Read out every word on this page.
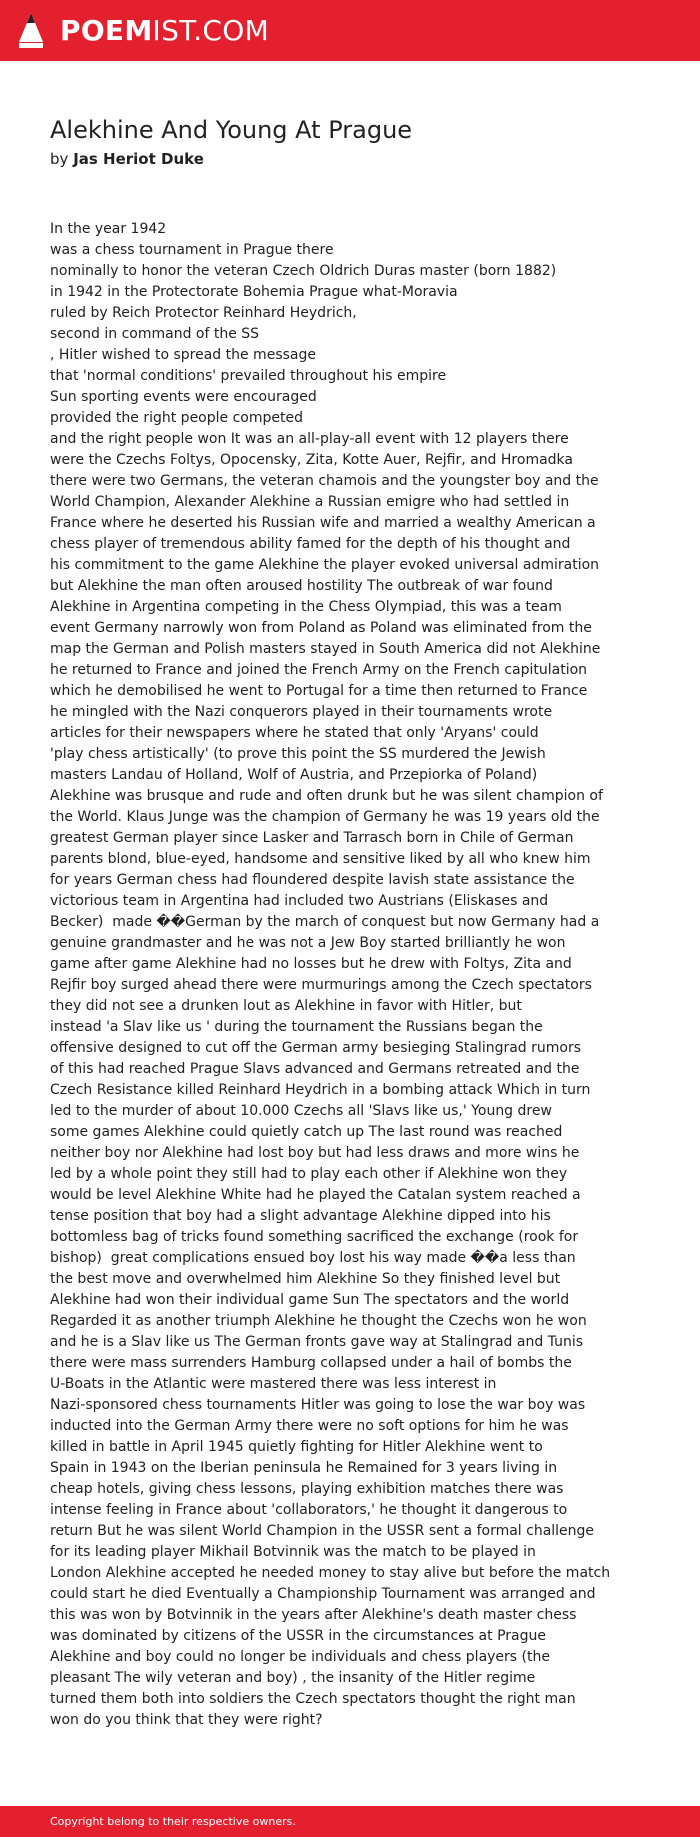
POEMIST.COM
Alekhine And Young At Prague
by Jas Heriot Duke
In the year 1942
was a chess tournament in Prague there
nominally to honor the veteran Czech Oldrich Duras master (born 1882)
in 1942 in the Protectorate Bohemia Prague what-Moravia
ruled by Reich Protector Reinhard Heydrich,
second in command of the SS
, Hitler wished to spread the message
that 'normal conditions' prevailed throughout his empire
Sun sporting events were encouraged
provided the right people competed
and the right people won It was an all-play-all event with 12 players there
were the Czechs Foltys, Opocensky, Zita, Kotte Auer, Rejfir, and Hromadka
there were two Germans, the veteran chamois and the youngster boy and the
World Champion, Alexander Alekhine a Russian emigre who had settled in
France where he deserted his Russian wife and married a wealthy American a
chess player of tremendous ability famed for the depth of his thought and
his commitment to the game Alekhine the player evoked universal admiration
but Alekhine the man often aroused hostility The outbreak of war found
Alekhine in Argentina competing in the Chess Olympiad, this was a team
event Germany narrowly won from Poland as Poland was eliminated from the
map the German and Polish masters stayed in South America did not Alekhine
he returned to France and joined the French Army on the French capitulation
which he demobilised he went to Portugal for a time then returned to France
he mingled with the Nazi conquerors played in their tournaments wrote
articles for their newspapers where he stated that only 'Aryans' could
'play chess artistically' (to prove this point the SS murdered the Jewish
masters Landau of Holland, Wolf of Austria, and Przepiorka of Poland)
Alekhine was brusque and rude and often drunk but he was silent champion of
the World. Klaus Junge was the champion of Germany he was 19 years old the
greatest German player since Lasker and Tarrasch born in Chile of German
parents blond, blue-eyed, handsome and sensitive liked by all who knew him
for years German chess had floundered despite lavish state assistance the
victorious team in Argentina had included two Austrians (Eliskases and
Becker)  made ��German by the march of conquest but now Germany had a
genuine grandmaster and he was not a Jew Boy started brilliantly he won
game after game Alekhine had no losses but he drew with Foltys, Zita and
Rejfir boy surged ahead there were murmurings among the Czech spectators
they did not see a drunken lout as Alekhine in favor with Hitler, but
instead 'a Slav like us ' during the tournament the Russians began the
offensive designed to cut off the German army besieging Stalingrad rumors
of this had reached Prague Slavs advanced and Germans retreated and the
Czech Resistance killed Reinhard Heydrich in a bombing attack Which in turn
led to the murder of about 10.000 Czechs all 'Slavs like us,' Young drew
some games Alekhine could quietly catch up The last round was reached
neither boy nor Alekhine had lost boy but had less draws and more wins he
led by a whole point they still had to play each other if Alekhine won they
would be level Alekhine White had he played the Catalan system reached a
tense position that boy had a slight advantage Alekhine dipped into his
bottomless bag of tricks found something sacrificed the exchange (rook for
bishop)  great complications ensued boy lost his way made ��a less than
the best move and overwhelmed him Alekhine So they finished level but
Alekhine had won their individual game Sun The spectators and the world
Regarded it as another triumph Alekhine he thought the Czechs won he won
and he is a Slav like us The German fronts gave way at Stalingrad and Tunis
there were mass surrenders Hamburg collapsed under a hail of bombs the
U-Boats in the Atlantic were mastered there was less interest in
Nazi-sponsored chess tournaments Hitler was going to lose the war boy was
inducted into the German Army there were no soft options for him he was
killed in battle in April 1945 quietly fighting for Hitler Alekhine went to
Spain in 1943 on the Iberian peninsula he Remained for 3 years living in
cheap hotels, giving chess lessons, playing exhibition matches there was
intense feeling in France about 'collaborators,' he thought it dangerous to
return But he was silent World Champion in the USSR sent a formal challenge
for its leading player Mikhail Botvinnik was the match to be played in
London Alekhine accepted he needed money to stay alive but before the match
could start he died Eventually a Championship Tournament was arranged and
this was won by Botvinnik in the years after Alekhine's death master chess
was dominated by citizens of the USSR in the circumstances at Prague
Alekhine and boy could no longer be individuals and chess players (the
pleasant The wily veteran and boy) , the insanity of the Hitler regime
turned them both into soldiers the Czech spectators thought the right man
won do you think that they were right?
Copyright belong to their respective owners.
